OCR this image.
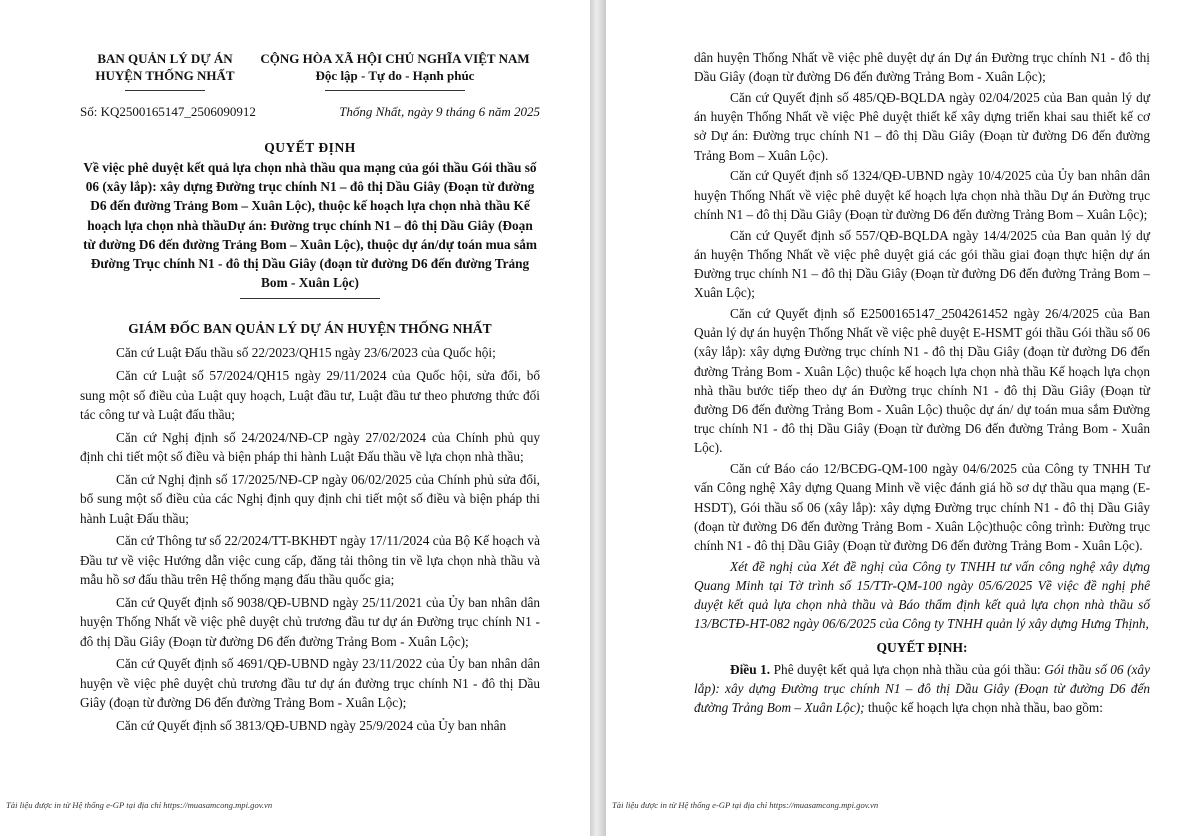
BAN QUẢN LÝ DỰ ÁN
HUYỆN THỐNG NHẤT
CỘNG HÒA XÃ HỘI CHỦ NGHĨA VIỆT NAM
Độc lập - Tự do - Hạnh phúc
Số: KQ2500165147_2506090912	Thống Nhất, ngày 9 tháng 6 năm 2025
QUYẾT ĐỊNH
Về việc phê duyệt kết quả lựa chọn nhà thầu qua mạng của gói thầu Gói thầu số 06 (xây lắp): xây dựng Đường trục chính N1 – đô thị Dầu Giây (Đoạn từ đường D6 đến đường Trảng Bom – Xuân Lộc), thuộc kế hoạch lựa chọn nhà thầu Kế hoạch lựa chọn nhà thầuDự án: Đường trục chính N1 – đô thị Dầu Giây (Đoạn từ đường D6 đến đường Trảng Bom – Xuân Lộc), thuộc dự án/dự toán mua sắm Đường Trục chính N1 - đô thị Dầu Giây (đoạn từ đường D6 đến đường Trảng Bom - Xuân Lộc)
GIÁM ĐỐC BAN QUẢN LÝ DỰ ÁN HUYỆN THỐNG NHẤT

Căn cứ Luật Đấu thầu số 22/2023/QH15 ngày 23/6/2023 của Quốc hội;

Căn cứ Luật số 57/2024/QH15 ngày 29/11/2024 của Quốc hội, sửa đổi, bổ sung một số điều của Luật quy hoạch, Luật đầu tư, Luật đầu tư theo phương thức đối tác công tư và Luật đấu thầu;

Căn cứ Nghị định số 24/2024/NĐ-CP ngày 27/02/2024 của Chính phủ quy định chi tiết một số điều và biện pháp thi hành Luật Đấu thầu về lựa chọn nhà thầu;

Căn cứ Nghị định số 17/2025/NĐ-CP ngày 06/02/2025 của Chính phủ sửa đổi, bổ sung một số điều của các Nghị định quy định chi tiết một số điều và biện pháp thi hành Luật Đấu thầu;

Căn cứ Thông tư số 22/2024/TT-BKHĐT ngày 17/11/2024 của Bộ Kế hoạch và Đầu tư về việc Hướng dẫn việc cung cấp, đăng tải thông tin về lựa chọn nhà thầu và mẫu hồ sơ đấu thầu trên Hệ thống mạng đấu thầu quốc gia;

Căn cứ Quyết định số 9038/QĐ-UBND ngày 25/11/2021 của Ủy ban nhân dân huyện Thống Nhất về việc phê duyệt chủ trương đầu tư dự án Đường trục chính N1 - đô thị Dầu Giây (Đoạn từ đường D6 đến đường Trảng Bom - Xuân Lộc);

Căn cứ Quyết định số 4691/QĐ-UBND ngày 23/11/2022 của Ủy ban nhân dân huyện về việc phê duyệt chủ trương đầu tư dự án đường trục chính N1 - đô thị Dầu Giây (đoạn từ đường D6 đến đường Trảng Bom - Xuân Lộc);

Căn cứ Quyết định số 3813/QĐ-UBND ngày 25/9/2024 của Ủy ban nhân

Tài liệu được in từ Hệ thống e-GP tại địa chỉ https://muasamcong.mpi.gov.vn

dân huyện Thống Nhất về việc phê duyệt dự án Dự án Đường trục chính N1 - đô thị Dầu Giây (đoạn từ đường D6 đến đường Trảng Bom - Xuân Lộc);

Căn cứ Quyết định số 485/QĐ-BQLDA ngày 02/04/2025 của Ban quản lý dự án huyện Thống Nhất về việc Phê duyệt thiết kế xây dựng triển khai sau thiết kế cơ sở Dự án: Đường trục chính N1 – đô thị Dầu Giây (Đoạn từ đường D6 đến đường Trảng Bom – Xuân Lộc).

Căn cứ Quyết định số 1324/QĐ-UBND ngày 10/4/2025 của Ủy ban nhân dân huyện Thống Nhất về việc phê duyệt kế hoạch lựa chọn nhà thầu Dự án Đường trục chính N1 – đô thị Dầu Giây (Đoạn từ đường D6 đến đường Trảng Bom – Xuân Lộc);

Căn cứ Quyết định số 557/QĐ-BQLDA ngày 14/4/2025 của Ban quản lý dự án huyện Thống Nhất về việc phê duyệt giá các gói thầu giai đoạn thực hiện dự án Đường trục chính N1 – đô thị Dầu Giây (Đoạn từ đường D6 đến đường Trảng Bom – Xuân Lộc);

Căn cứ Quyết định số E2500165147_2504261452 ngày 26/4/2025 của Ban Quản lý dự án huyện Thống Nhất về việc phê duyệt E-HSMT gói thầu Gói thầu số 06 (xây lắp): xây dựng Đường trục chính N1 - đô thị Dầu Giây (đoạn từ đường D6 đến đường Trảng Bom - Xuân Lộc) thuộc kế hoạch lựa chọn nhà thầu Kế hoạch lựa chọn nhà thầu bước tiếp theo dự án Đường trục chính N1 - đô thị Dầu Giây (Đoạn từ đường D6 đến đường Trảng Bom - Xuân Lộc) thuộc dự án/ dự toán mua sắm Đường trục chính N1 - đô thị Dầu Giây (Đoạn từ đường D6 đến đường Trảng Bom - Xuân Lộc).

Căn cứ Báo cáo 12/BCĐG-QM-100 ngày 04/6/2025 của Công ty TNHH Tư vấn Công nghệ Xây dựng Quang Minh về việc đánh giá hồ sơ dự thầu qua mạng (E-HSDT), Gói thầu số 06 (xây lắp): xây dựng Đường trục chính N1 - đô thị Dầu Giây (đoạn từ đường D6 đến đường Trảng Bom - Xuân Lộc)thuộc công trình: Đường trục chính N1 - đô thị Dầu Giây (Đoạn từ đường D6 đến đường Trảng Bom - Xuân Lộc).

Xét đề nghị của Xét đề nghị của Công ty TNHH tư vấn công nghệ xây dựng Quang Minh tại Tờ trình số 15/TTr-QM-100 ngày 05/6/2025 Về việc đề nghị phê duyệt kết quả lựa chọn nhà thầu và Báo thẩm định kết quả lựa chọn nhà thầu số 13/BCTĐ-HT-082 ngày 06/6/2025 của Công ty TNHH quản lý xây dựng Hưng Thịnh,

QUYẾT ĐỊNH:

Điều 1. Phê duyệt kết quả lựa chọn nhà thầu của gói thầu: Gói thầu số 06 (xây lắp): xây dựng Đường trục chính N1 – đô thị Dầu Giây (Đoạn từ đường D6 đến đường Trảng Bom – Xuân Lộc); thuộc kế hoạch lựa chọn nhà thầu, bao gồm:

Tài liệu được in từ Hệ thống e-GP tại địa chỉ https://muasamcong.mpi.gov.vn
